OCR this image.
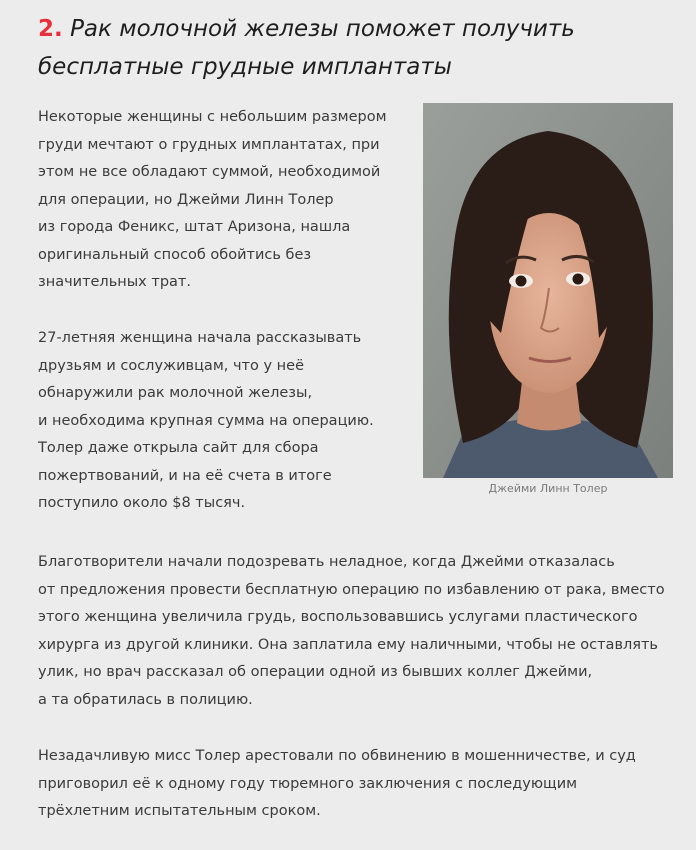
2. Рак молочной железы поможет получить
бесплатные грудные имплантаты

Некоторые женщины с небольшим размером
груди мечтают о грудных имплантатах, при
этом не все обладают суммой, необходимой
для операции, но Джейми Линн Толер
из города Феникс, штат Аризона, нашла
оригинальный способ обойтись без
значительных трат.

27-летняя женщина начала рассказывать
друзьям и сослуживцам, что у неё
обнаружили рак молочной железы,
и необходима крупная сумма на операцию.
Толер даже открыла сайт для сбора
пожертвований, и на её счета в итоге
поступило около $8 тысяч.

Джейми Линн Толер

Благотворители начали подозревать неладное, когда Джейми отказалась
от предложения провести бесплатную операцию по избавлению от рака, вместо
этого женщина увеличила грудь, воспользовавшись услугами пластического
хирурга из другой клиники. Она заплатила ему наличными, чтобы не оставлять
улик, но врач рассказал об операции одной из бывших коллег Джейми,
а та обратилась в полицию.

Незадачливую мисс Толер арестовали по обвинению в мошенничестве, и суд
приговорил её к одному году тюремного заключения с последующим
трёхлетним испытательным сроком.
